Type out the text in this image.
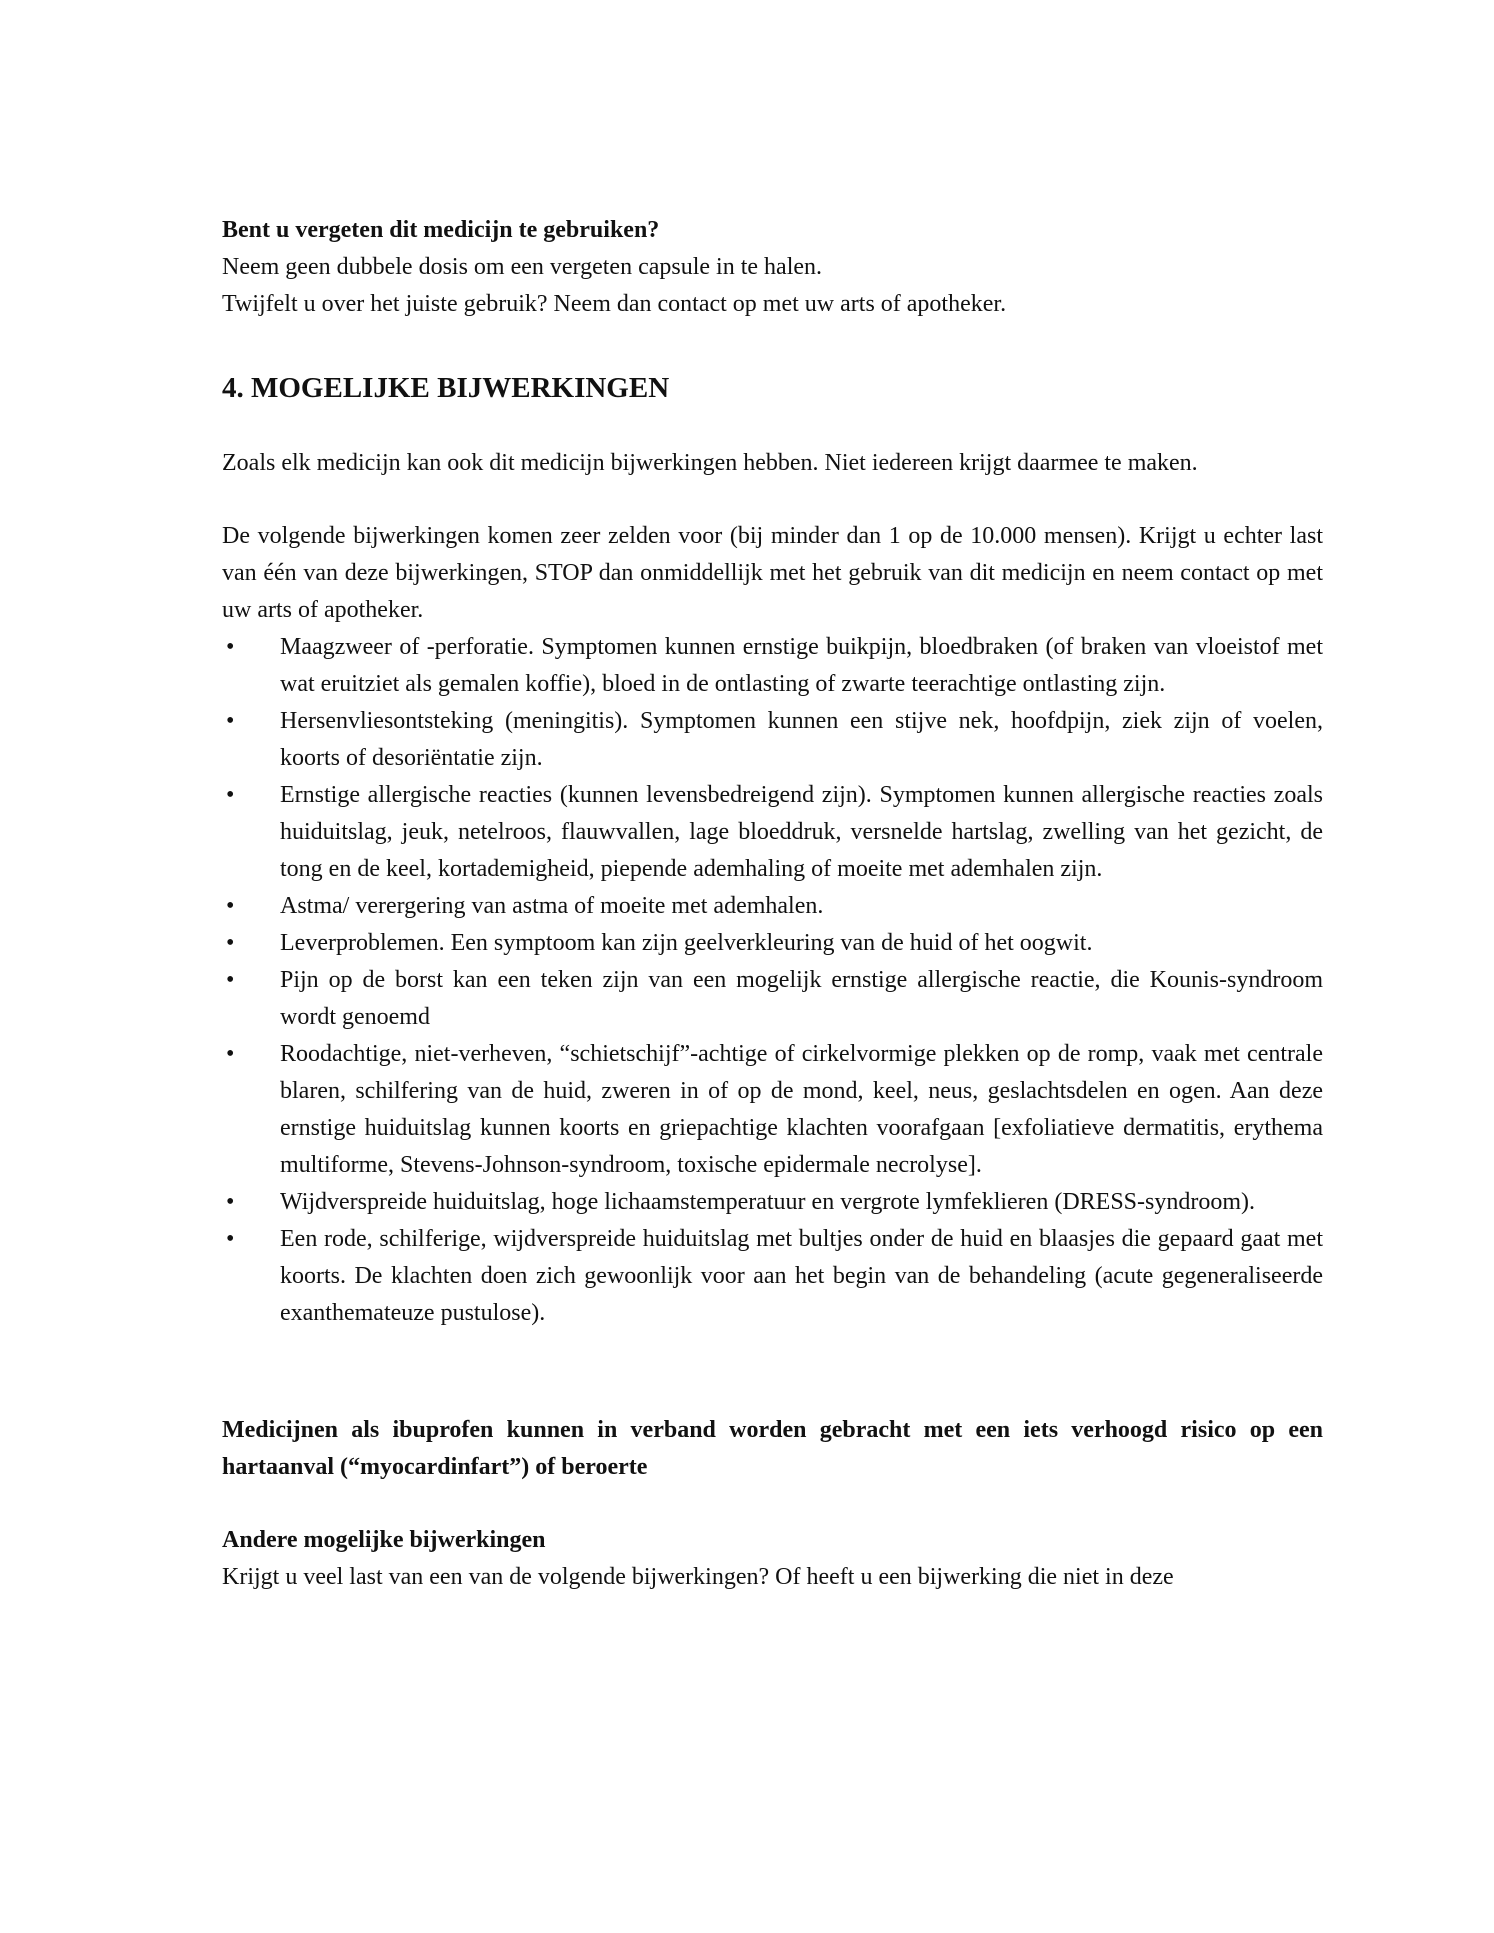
Bent u vergeten dit medicijn te gebruiken?

Neem geen dubbele dosis om een vergeten capsule in te halen.

Twijfelt u over het juiste gebruik? Neem dan contact op met uw arts of apotheker.

4. MOGELIJKE BIJWERKINGEN

Zoals elk medicijn kan ook dit medicijn bijwerkingen hebben. Niet iedereen krijgt daarmee te maken.

De volgende bijwerkingen komen zeer zelden voor (bij minder dan 1 op de 10.000 mensen). Krijgt u echter last van één van deze bijwerkingen, STOP dan onmiddellijk met het gebruik van dit medicijn en neem contact op met uw arts of apotheker.

• Maagzweer of -perforatie. Symptomen kunnen ernstige buikpijn, bloedbraken (of braken van vloeistof met wat eruitziet als gemalen koffie), bloed in de ontlasting of zwarte teerachtige ontlasting zijn.
• Hersenvliesontsteking (meningitis). Symptomen kunnen een stijve nek, hoofdpijn, ziek zijn of voelen, koorts of desoriëntatie zijn.
• Ernstige allergische reacties (kunnen levensbedreigend zijn). Symptomen kunnen allergische reacties zoals huiduitslag, jeuk, netelroos, flauwvallen, lage bloeddruk, versnelde hartslag, zwelling van het gezicht, de tong en de keel, kortademigheid, piepende ademhaling of moeite met ademhalen zijn.
• Astma/ verergering van astma of moeite met ademhalen.
• Leverproblemen. Een symptoom kan zijn geelverkleuring van de huid of het oogwit.
• Pijn op de borst kan een teken zijn van een mogelijk ernstige allergische reactie, die Kounis-syndroom wordt genoemd
• Roodachtige, niet-verheven, “schietschijf”-achtige of cirkelvormige plekken op de romp, vaak met centrale blaren, schilfering van de huid, zweren in of op de mond, keel, neus, geslachtsdelen en ogen. Aan deze ernstige huiduitslag kunnen koorts en griepachtige klachten voorafgaan [exfoliatieve dermatitis, erythema multiforme, Stevens-Johnson-syndroom, toxische epidermale necrolyse].
• Wijdverspreide huiduitslag, hoge lichaamstemperatuur en vergrote lymfeklieren (DRESS-syndroom).
• Een rode, schilferige, wijdverspreide huiduitslag met bultjes onder de huid en blaasjes die gepaard gaat met koorts. De klachten doen zich gewoonlijk voor aan het begin van de behandeling (acute gegeneraliseerde exanthemateuze pustulose).

Medicijnen als ibuprofen kunnen in verband worden gebracht met een iets verhoogd risico op een hartaanval (“myocardinfart”) of beroerte

Andere mogelijke bijwerkingen

Krijgt u veel last van een van de volgende bijwerkingen? Of heeft u een bijwerking die niet in deze
